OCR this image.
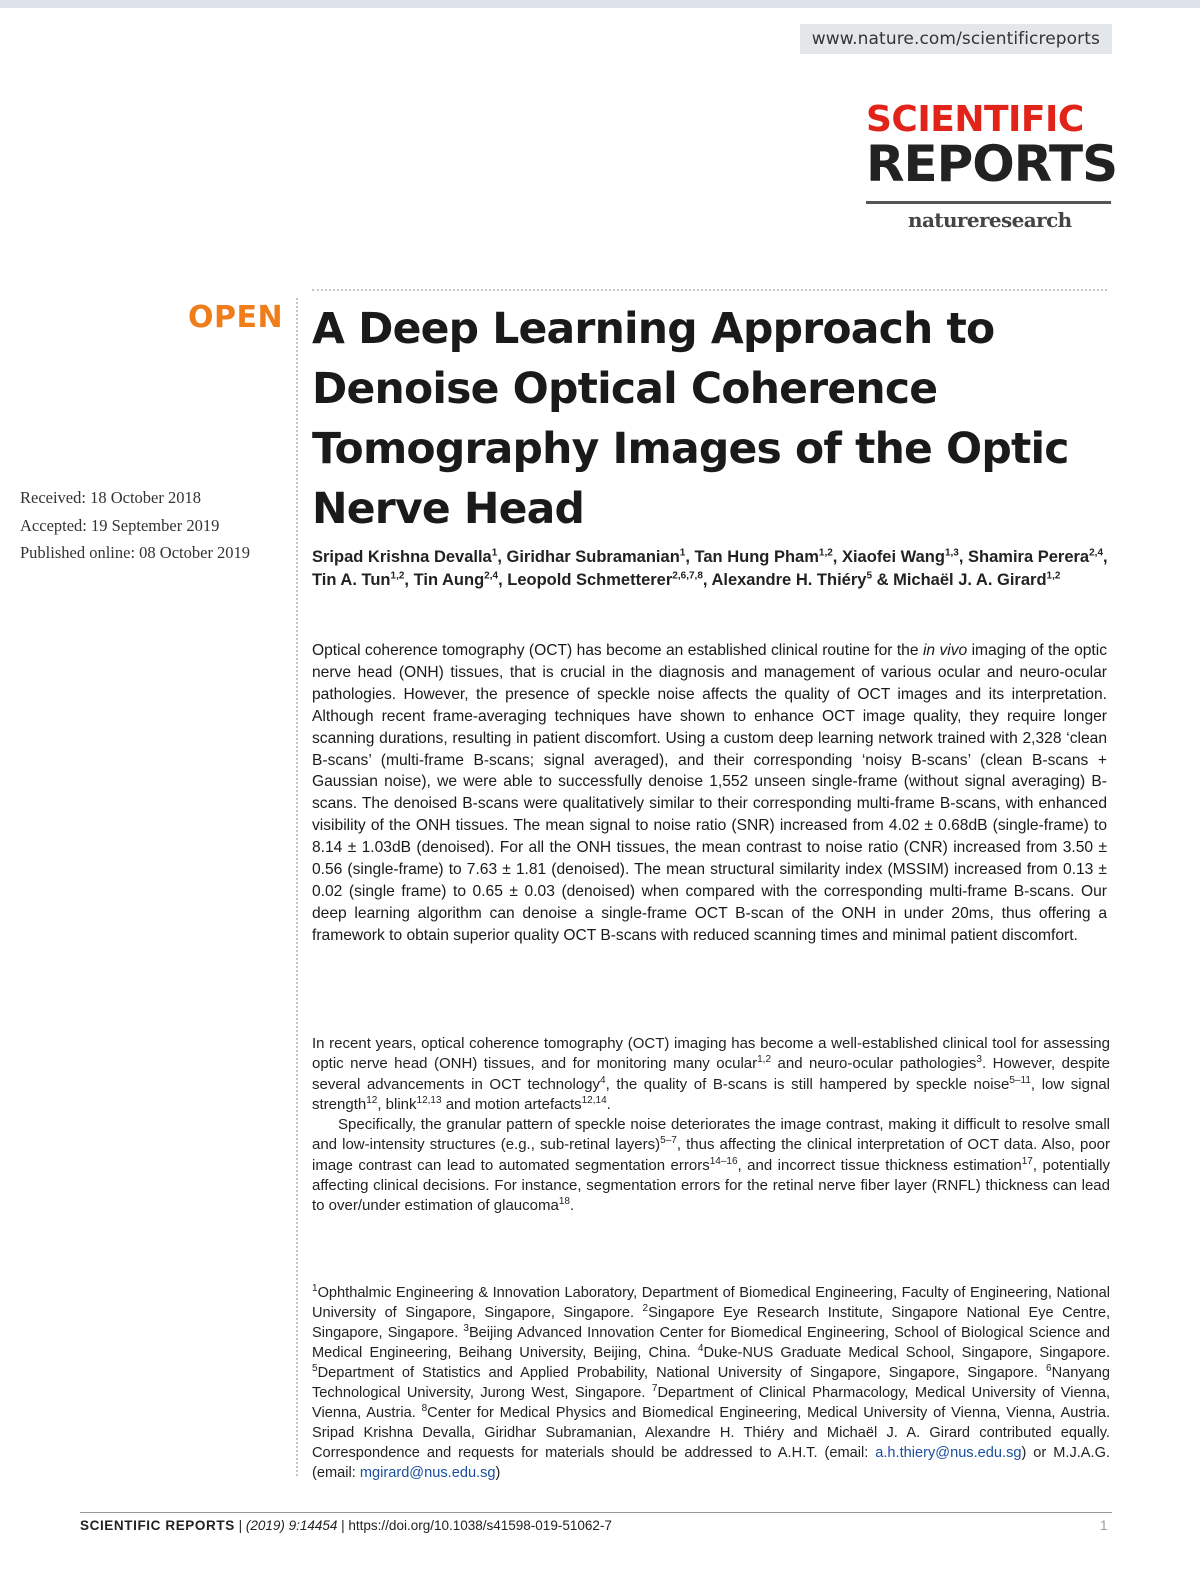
www.nature.com/scientificreports
SCIENTIFIC
REPORTS
natureresearch
OPEN
Received: 18 October 2018
Accepted: 19 September 2019
Published online: 08 October 2019
A Deep Learning Approach to Denoise Optical Coherence Tomography Images of the Optic Nerve Head
Sripad Krishna Devalla$^1$, Giridhar Subramanian$^1$, Tan Hung Pham$^{1,2}$, Xiaofei Wang$^{1,3}$, Shamira Perera$^{2,4}$, Tin A. Tun$^{1,2}$, Tin Aung$^{2,4}$, Leopold Schmetterer$^{2,6,7,8}$, Alexandre H. Thiéry$^5$ & Michaël J. A. Girard$^{1,2}$

Optical coherence tomography (OCT) has become an established clinical routine for the in vivo imaging of the optic nerve head (ONH) tissues, that is crucial in the diagnosis and management of various ocular and neuro-ocular pathologies. However, the presence of speckle noise affects the quality of OCT images and its interpretation. Although recent frame-averaging techniques have shown to enhance OCT image quality, they require longer scanning durations, resulting in patient discomfort. Using a custom deep learning network trained with 2,328 ‘clean B-scans’ (multi-frame B-scans; signal averaged), and their corresponding ‘noisy B-scans’ (clean B-scans + Gaussian noise), we were able to successfully denoise 1,552 unseen single-frame (without signal averaging) B-scans. The denoised B-scans were qualitatively similar to their corresponding multi-frame B-scans, with enhanced visibility of the ONH tissues. The mean signal to noise ratio (SNR) increased from 4.02 ± 0.68dB (single-frame) to 8.14 ± 1.03dB (denoised). For all the ONH tissues, the mean contrast to noise ratio (CNR) increased from 3.50 ± 0.56 (single-frame) to 7.63 ± 1.81 (denoised). The mean structural similarity index (MSSIM) increased from 0.13 ± 0.02 (single frame) to 0.65 ± 0.03 (denoised) when compared with the corresponding multi-frame B-scans. Our deep learning algorithm can denoise a single-frame OCT B-scan of the ONH in under 20ms, thus offering a framework to obtain superior quality OCT B-scans with reduced scanning times and minimal patient discomfort.

In recent years, optical coherence tomography (OCT) imaging has become a well-established clinical tool for assessing optic nerve head (ONH) tissues, and for monitoring many ocular$^{1,2}$ and neuro-ocular pathologies$^3$. However, despite several advancements in OCT technology$^4$, the quality of B-scans is still hampered by speckle noise$^{5-11}$, low signal strength$^{12}$, blink$^{12,13}$ and motion artefacts$^{12,14}$.

Specifically, the granular pattern of speckle noise deteriorates the image contrast, making it difficult to resolve small and low-intensity structures (e.g., sub-retinal layers)$^{5-7}$, thus affecting the clinical interpretation of OCT data. Also, poor image contrast can lead to automated segmentation errors$^{14-16}$, and incorrect tissue thickness estimation$^{17}$, potentially affecting clinical decisions. For instance, segmentation errors for the retinal nerve fiber layer (RNFL) thickness can lead to over/under estimation of glaucoma$^{18}$.

$^1$Ophthalmic Engineering & Innovation Laboratory, Department of Biomedical Engineering, Faculty of Engineering, National University of Singapore, Singapore, Singapore. $^2$Singapore Eye Research Institute, Singapore National Eye Centre, Singapore, Singapore. $^3$Beijing Advanced Innovation Center for Biomedical Engineering, School of Biological Science and Medical Engineering, Beihang University, Beijing, China. $^4$Duke-NUS Graduate Medical School, Singapore, Singapore. $^5$Department of Statistics and Applied Probability, National University of Singapore, Singapore, Singapore. $^6$Nanyang Technological University, Jurong West, Singapore. $^7$Department of Clinical Pharmacology, Medical University of Vienna, Vienna, Austria. $^8$Center for Medical Physics and Biomedical Engineering, Medical University of Vienna, Vienna, Austria. Sripad Krishna Devalla, Giridhar Subramanian, Alexandre H. Thiéry and Michaël J. A. Girard contributed equally. Correspondence and requests for materials should be addressed to A.H.T. (email: a.h.thiery@nus.edu.sg) or M.J.A.G. (email: mgirard@nus.edu.sg)

SCIENTIFIC REPORTS | (2019) 9:14454 | https://doi.org/10.1038/s41598-019-51062-7	1
